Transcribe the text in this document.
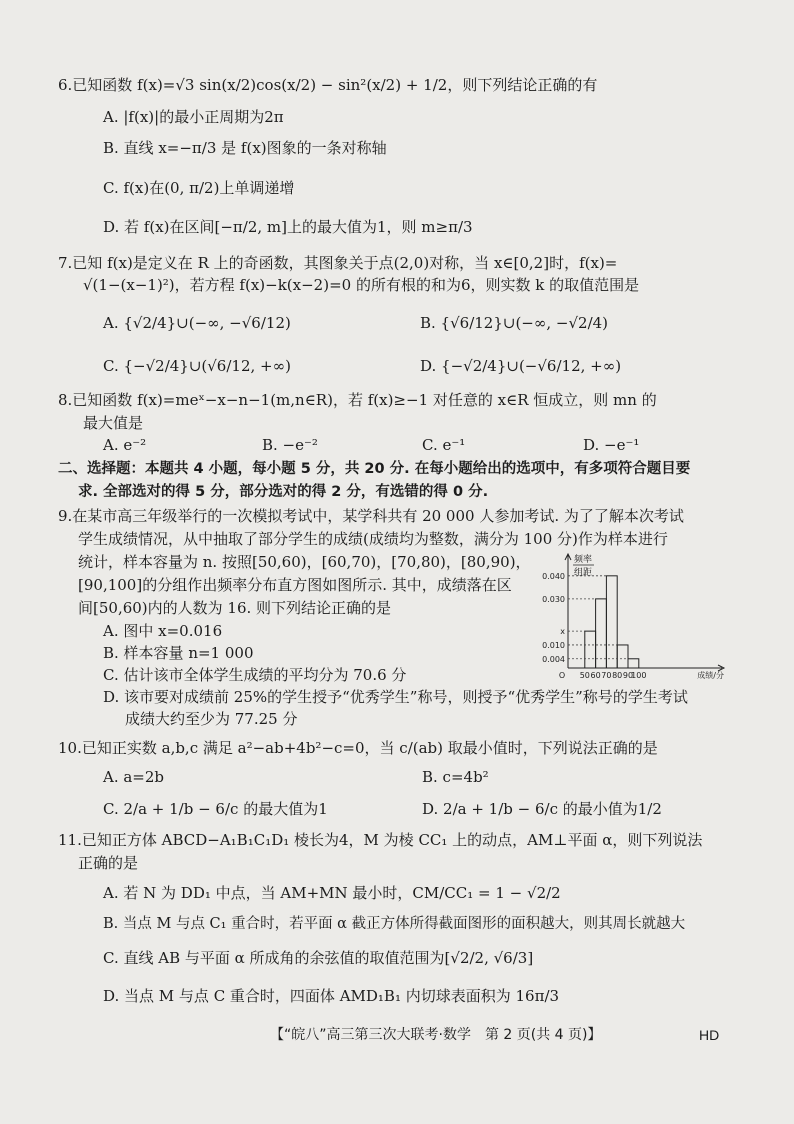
6.已知函数 f(x)=√3 sin(x/2)cos(x/2) − sin²(x/2) + 1/2，则下列结论正确的有
A. |f(x)|的最小正周期为2π
B. 直线 x=−π/3 是 f(x)图象的一条对称轴
C. f(x)在(0, π/2)上单调递增
D. 若 f(x)在区间[−π/2, m]上的最大值为1，则 m≥π/3
7.已知 f(x)是定义在 R 上的奇函数，其图象关于点(2,0)对称，当 x∈[0,2]时，f(x)=
√(1−(x−1)²)，若方程 f(x)−k(x−2)=0 的所有根的和为6，则实数 k 的取值范围是
A. {√2/4}∪(−∞, −√6/12)	B. {√6/12}∪(−∞, −√2/4)
C. {−√2/4}∪(√6/12, +∞)	D. {−√2/4}∪(−√6/12, +∞)
8.已知函数 f(x)=meˣ−x−n−1(m,n∈R)，若 f(x)≥−1 对任意的 x∈R 恒成立，则 mn 的
最大值是
A. e⁻²	B. −e⁻²	C. e⁻¹	D. −e⁻¹
二、选择题：本题共 4 小题，每小题 5 分，共 20 分. 在每小题给出的选项中，有多项符合题目要
求. 全部选对的得 5 分，部分选对的得 2 分，有选错的得 0 分.
9.在某市高三年级举行的一次模拟考试中，某学科共有 20 000 人参加考试. 为了了解本次考试
学生成绩情况，从中抽取了部分学生的成绩(成绩均为整数，满分为 100 分)作为样本进行
统计，样本容量为 n. 按照[50,60)，[60,70)，[70,80)，[80,90)，
[90,100]的分组作出频率分布直方图如图所示. 其中，成绩落在区
间[50,60)内的人数为 16. 则下列结论正确的是
A. 图中 x=0.016
B. 样本容量 n=1 000
C. 估计该市全体学生成绩的平均分为 70.6 分
D. 该市要对成绩前 25%的学生授予“优秀学生”称号，则授予“优秀学生”称号的学生考试
成绩大约至少为 77.25 分
x
0.030
0.040
0.010
0.004
O 50 60 70 80 90
100
频率
组距
成绩/分
10.已知正实数 a,b,c 满足 a²−ab+4b²−c=0，当 c/(ab) 取最小值时，下列说法正确的是
A. a=2b	B. c=4b²
C. 2/a + 1/b − 6/c 的最大值为1	D. 2/a + 1/b − 6/c 的最小值为1/2
11.已知正方体 ABCD−A₁B₁C₁D₁ 棱长为4，M 为棱 CC₁ 上的动点，AM⊥平面 α，则下列说法
正确的是
A. 若 N 为 DD₁ 中点，当 AM+MN 最小时，CM/CC₁ = 1 − √2/2
B. 当点 M 与点 C₁ 重合时，若平面 α 截正方体所得截面图形的面积越大，则其周长就越大
C. 直线 AB 与平面 α 所成角的余弦值的取值范围为[√2/2, √6/3]
D. 当点 M 与点 C 重合时，四面体 AMD₁B₁ 内切球表面积为 16π/3
【“皖八”高三第三次大联考·数学　第 2 页(共 4 页)】	HD
